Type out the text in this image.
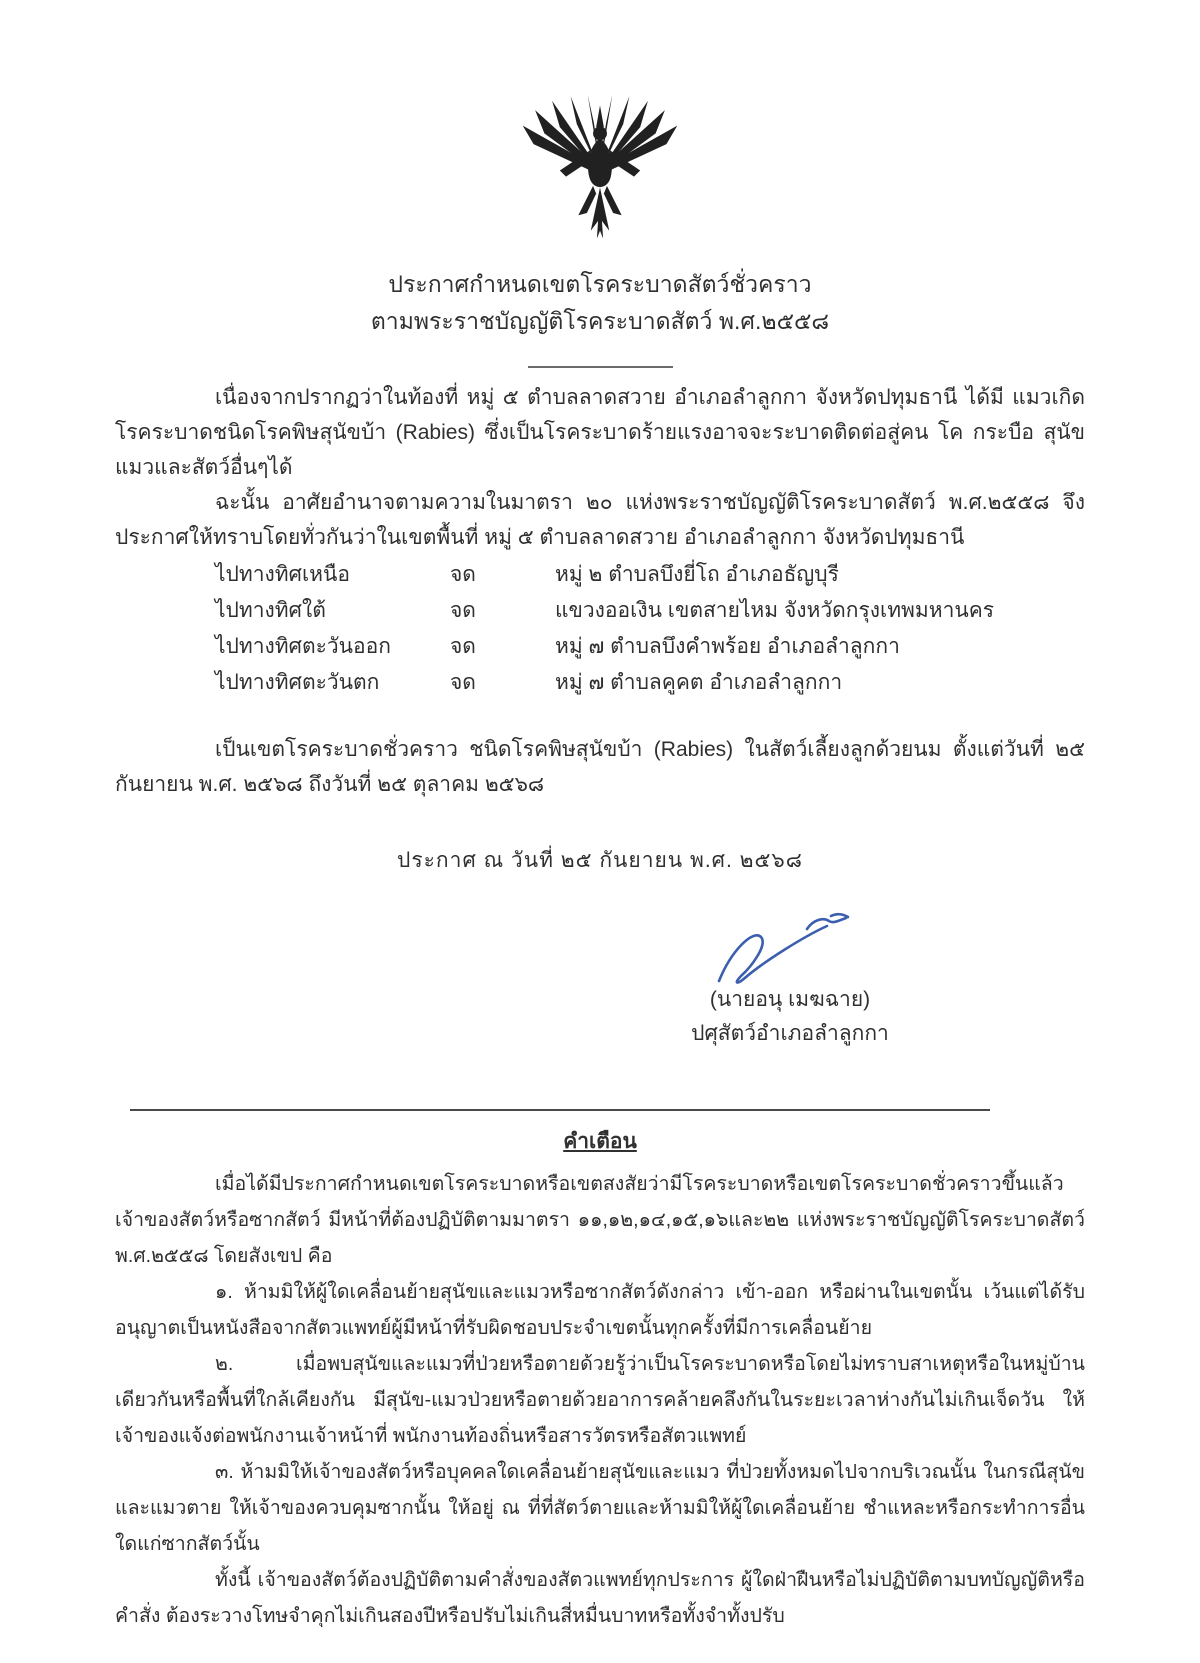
ประกาศกำหนดเขตโรคระบาดสัตว์ชั่วคราว
ตามพระราชบัญญัติโรคระบาดสัตว์ พ.ศ.๒๕๕๘

เนื่องจากปรากฏว่าในท้องที่ หมู่ ๕ ตำบลลาดสวาย อำเภอลำลูกกา จังหวัดปทุมธานี ได้มี แมวเกิดโรคระบาดชนิดโรคพิษสุนัขบ้า (Rabies) ซึ่งเป็นโรคระบาดร้ายแรงอาจจะระบาดติดต่อสู่คน โค กระบือ สุนัข แมวและสัตว์อื่นๆได้

ฉะนั้น อาศัยอำนาจตามความในมาตรา ๒๐ แห่งพระราชบัญญัติโรคระบาดสัตว์ พ.ศ.๒๕๕๘ จึงประกาศให้ทราบโดยทั่วกันว่าในเขตพื้นที่ หมู่ ๕ ตำบลลาดสวาย อำเภอลำลูกกา จังหวัดปทุมธานี

ไปทางทิศเหนือ	จด	หมู่ ๒ ตำบลบึงยี่โถ อำเภอธัญบุรี
ไปทางทิศใต้	จด	แขวงออเงิน เขตสายไหม จังหวัดกรุงเทพมหานคร
ไปทางทิศตะวันออก	จด	หมู่ ๗ ตำบลบึงคำพร้อย อำเภอลำลูกกา
ไปทางทิศตะวันตก	จด	หมู่ ๗ ตำบลคูคต อำเภอลำลูกกา

เป็นเขตโรคระบาดชั่วคราว ชนิดโรคพิษสุนัขบ้า (Rabies) ในสัตว์เลี้ยงลูกด้วยนม ตั้งแต่วันที่ ๒๕ กันยายน พ.ศ. ๒๕๖๘ ถึงวันที่ ๒๕ ตุลาคม ๒๕๖๘

ประกาศ ณ วันที่ ๒๕ กันยายน พ.ศ. ๒๕๖๘
(นายอนุ เมฆฉาย)
ปศุสัตว์อำเภอลำลูกกา
คำเตือน

เมื่อได้มีประกาศกำหนดเขตโรคระบาดหรือเขตสงสัยว่ามีโรคระบาดหรือเขตโรคระบาดชั่วคราวขึ้นแล้ว เจ้าของสัตว์หรือซากสัตว์ มีหน้าที่ต้องปฏิบัติตามมาตรา ๑๑,๑๒,๑๔,๑๕,๑๖และ๒๒ แห่งพระราชบัญญัติโรคระบาดสัตว์ พ.ศ.๒๕๕๘ โดยสังเขป คือ

๑. ห้ามมิให้ผู้ใดเคลื่อนย้ายสุนัขและแมวหรือซากสัตว์ดังกล่าว เข้า-ออก หรือผ่านในเขตนั้น เว้นแต่ได้รับอนุญาตเป็นหนังสือจากสัตวแพทย์ผู้มีหน้าที่รับผิดชอบประจำเขตนั้นทุกครั้งที่มีการเคลื่อนย้าย

๒. เมื่อพบสุนัขและแมวที่ป่วยหรือตายด้วยรู้ว่าเป็นโรคระบาดหรือโดยไม่ทราบสาเหตุหรือในหมู่บ้านเดียวกันหรือพื้นที่ใกล้เคียงกัน มีสุนัข-แมวป่วยหรือตายด้วยอาการคล้ายคลึงกันในระยะเวลาห่างกันไม่เกินเจ็ดวัน ให้เจ้าของแจ้งต่อพนักงานเจ้าหน้าที่ พนักงานท้องถิ่นหรือสารวัตรหรือสัตวแพทย์

๓. ห้ามมิให้เจ้าของสัตว์หรือบุคคลใดเคลื่อนย้ายสุนัขและแมว ที่ป่วยทั้งหมดไปจากบริเวณนั้น ในกรณีสุนัขและแมวตาย ให้เจ้าของควบคุมซากนั้น ให้อยู่ ณ ที่ที่สัตว์ตายและห้ามมิให้ผู้ใดเคลื่อนย้าย ชำแหละหรือกระทำการอื่นใดแก่ซากสัตว์นั้น

ทั้งนี้ เจ้าของสัตว์ต้องปฏิบัติตามคำสั่งของสัตวแพทย์ทุกประการ ผู้ใดฝ่าฝืนหรือไม่ปฏิบัติตามบทบัญญัติหรือคำสั่ง ต้องระวางโทษจำคุกไม่เกินสองปีหรือปรับไม่เกินสี่หมื่นบาทหรือทั้งจำทั้งปรับ
